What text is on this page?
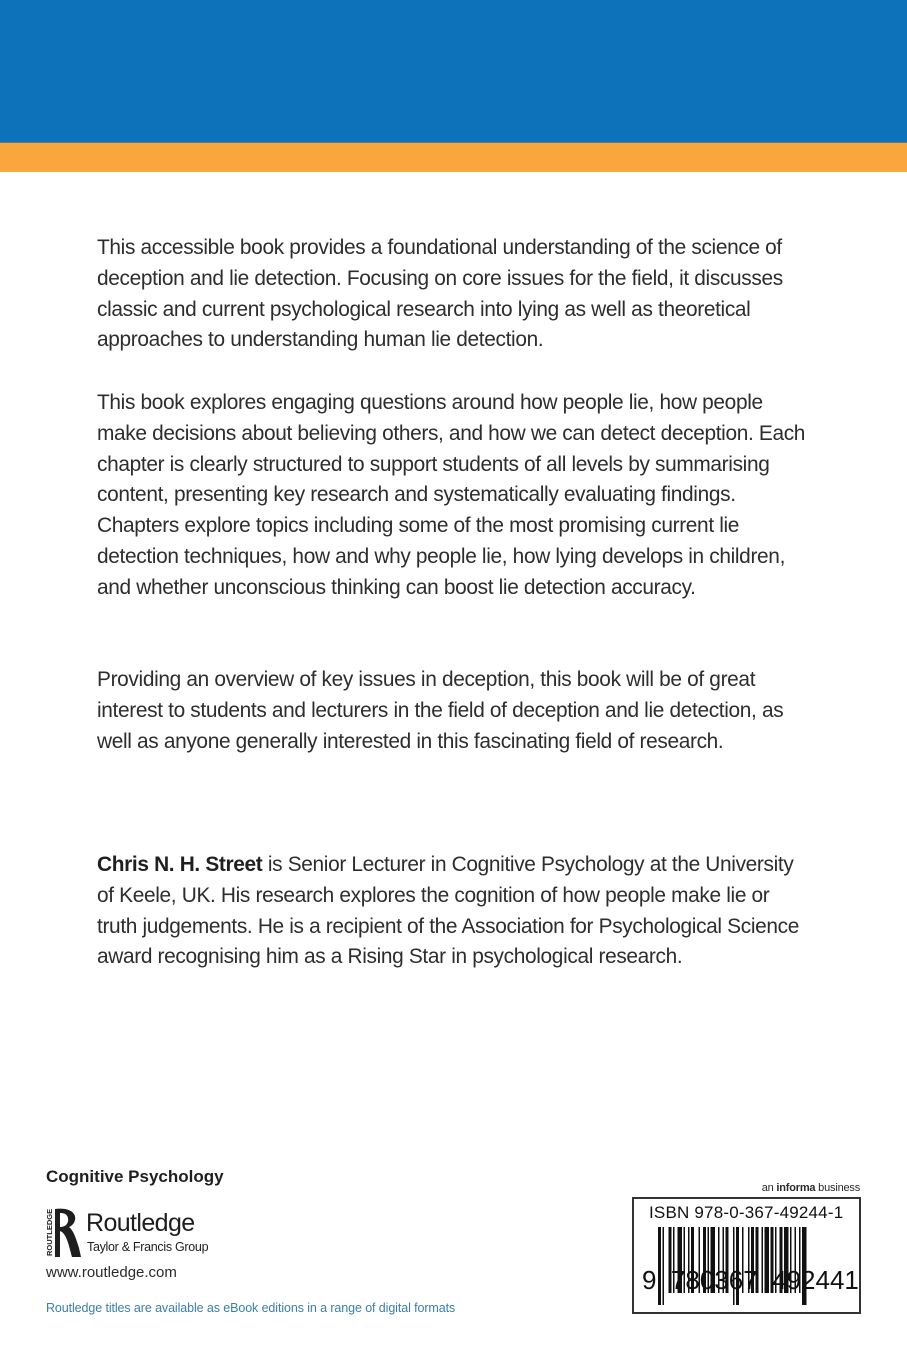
This accessible book provides a foundational understanding of the science of deception and lie detection. Focusing on core issues for the field, it discusses classic and current psychological research into lying as well as theoretical approaches to understanding human lie detection.

This book explores engaging questions around how people lie, how people make decisions about believing others, and how we can detect deception. Each chapter is clearly structured to support students of all levels by summarising content, presenting key research and systematically evaluating findings. Chapters explore topics including some of the most promising current lie detection techniques, how and why people lie, how lying develops in children, and whether unconscious thinking can boost lie detection accuracy.

Providing an overview of key issues in deception, this book will be of great interest to students and lecturers in the field of deception and lie detection, as well as anyone generally interested in this fascinating field of research.

Chris N. H. Street is Senior Lecturer in Cognitive Psychology at the University of Keele, UK. His research explores the cognition of how people make lie or truth judgements. He is a recipient of the Association for Psychological Science award recognising him as a Rising Star in psychological research.

Cognitive Psychology
ROUTLEDGE Routledge
Taylor & Francis Group
www.routledge.com
Routledge titles are available as eBook editions in a range of digital formats
an informa business
ISBN 978-0-367-49244-1
9  780367  492441
